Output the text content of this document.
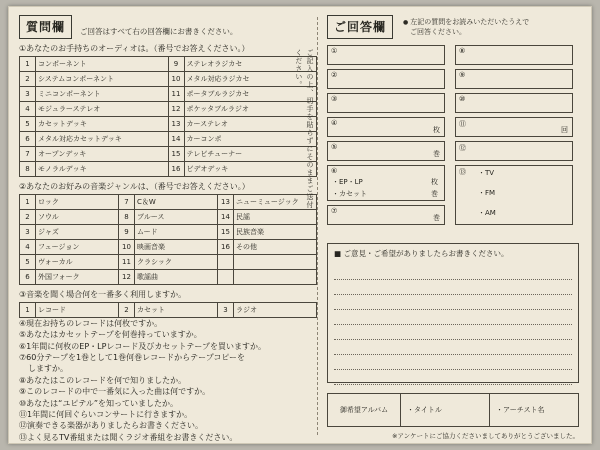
質問欄	ご回答はすべて右の回答欄にお書きください。
①あなたのお手持ちのオーディオは。（番号でお答えください。）
1	コンポーネント	9	ステレオラジカセ
2	システムコンポーネント	10	メタル対応ラジカセ
3	ミニコンポーネント	11	ポータブルラジカセ
4	モジュラーステレオ	12	ポケッタブルラジオ
5	カセットデッキ	13	カーステレオ
6	メタル対応カセットデッキ	14	カーコンポ
7	オープンデッキ	15	テレビチューナー
8	モノラルデッキ	16	ビデオデッキ
②あなたのお好みの音楽ジャンルは、（番号でお答えください。）
1	ロック	7	C＆W	13	ニューミュージック
2	ソウル	8	ブルース	14	民謡
3	ジャズ	9	ムード	15	民族音楽
4	フュージョン	10	映画音楽	16	その他
5	ヴォーカル	11	クラシック		
6	外国フォーク	12	歌謡曲		
③音楽を聞く場合何を一番多く利用しますか。
1	レコード	2	カセット	3	ラジオ
④現在お持ちのレコードは何枚ですか。
⑤あなたはカセットテープを何巻持っていますか。
⑥1年間に何枚のEP・LPレコード及びカセットテープを買いますか。
⑦60分テープを1巻として1巻何巻レコードからテープコピーを
しますか。
⑧あなたはこのレコードを何で知りましたか。
⑨このレコードの中で一番気に入った曲は何ですか。
⑩あなたは“ユピテル”を知っていましたか。
⑪1年間に何回ぐらいコンサートに行きますか。
⑫演奏できる楽器がありましたらお書きください。
⑬よく見るTV番組または聞くラジオ番組をお書きください。
ご記入の上、切手を貼らずにそのままご送付ください。
ご回答欄	● 左記の質問をお読みいただいたうえで
ご回答ください。
①
②
③
④
枚
⑤
巻
⑥
・EP・LP
・カセット
枚
巻
⑦
巻
⑧
⑨
⑩
⑪
回
⑫
⑬ ・TV
・FM
・AM
■ ご意見・ご希望がありましたらお書きください。
御希望アルバム	・タイトル	・アーチスト名
※アンケートにご協力くださいましてありがとうございました。
